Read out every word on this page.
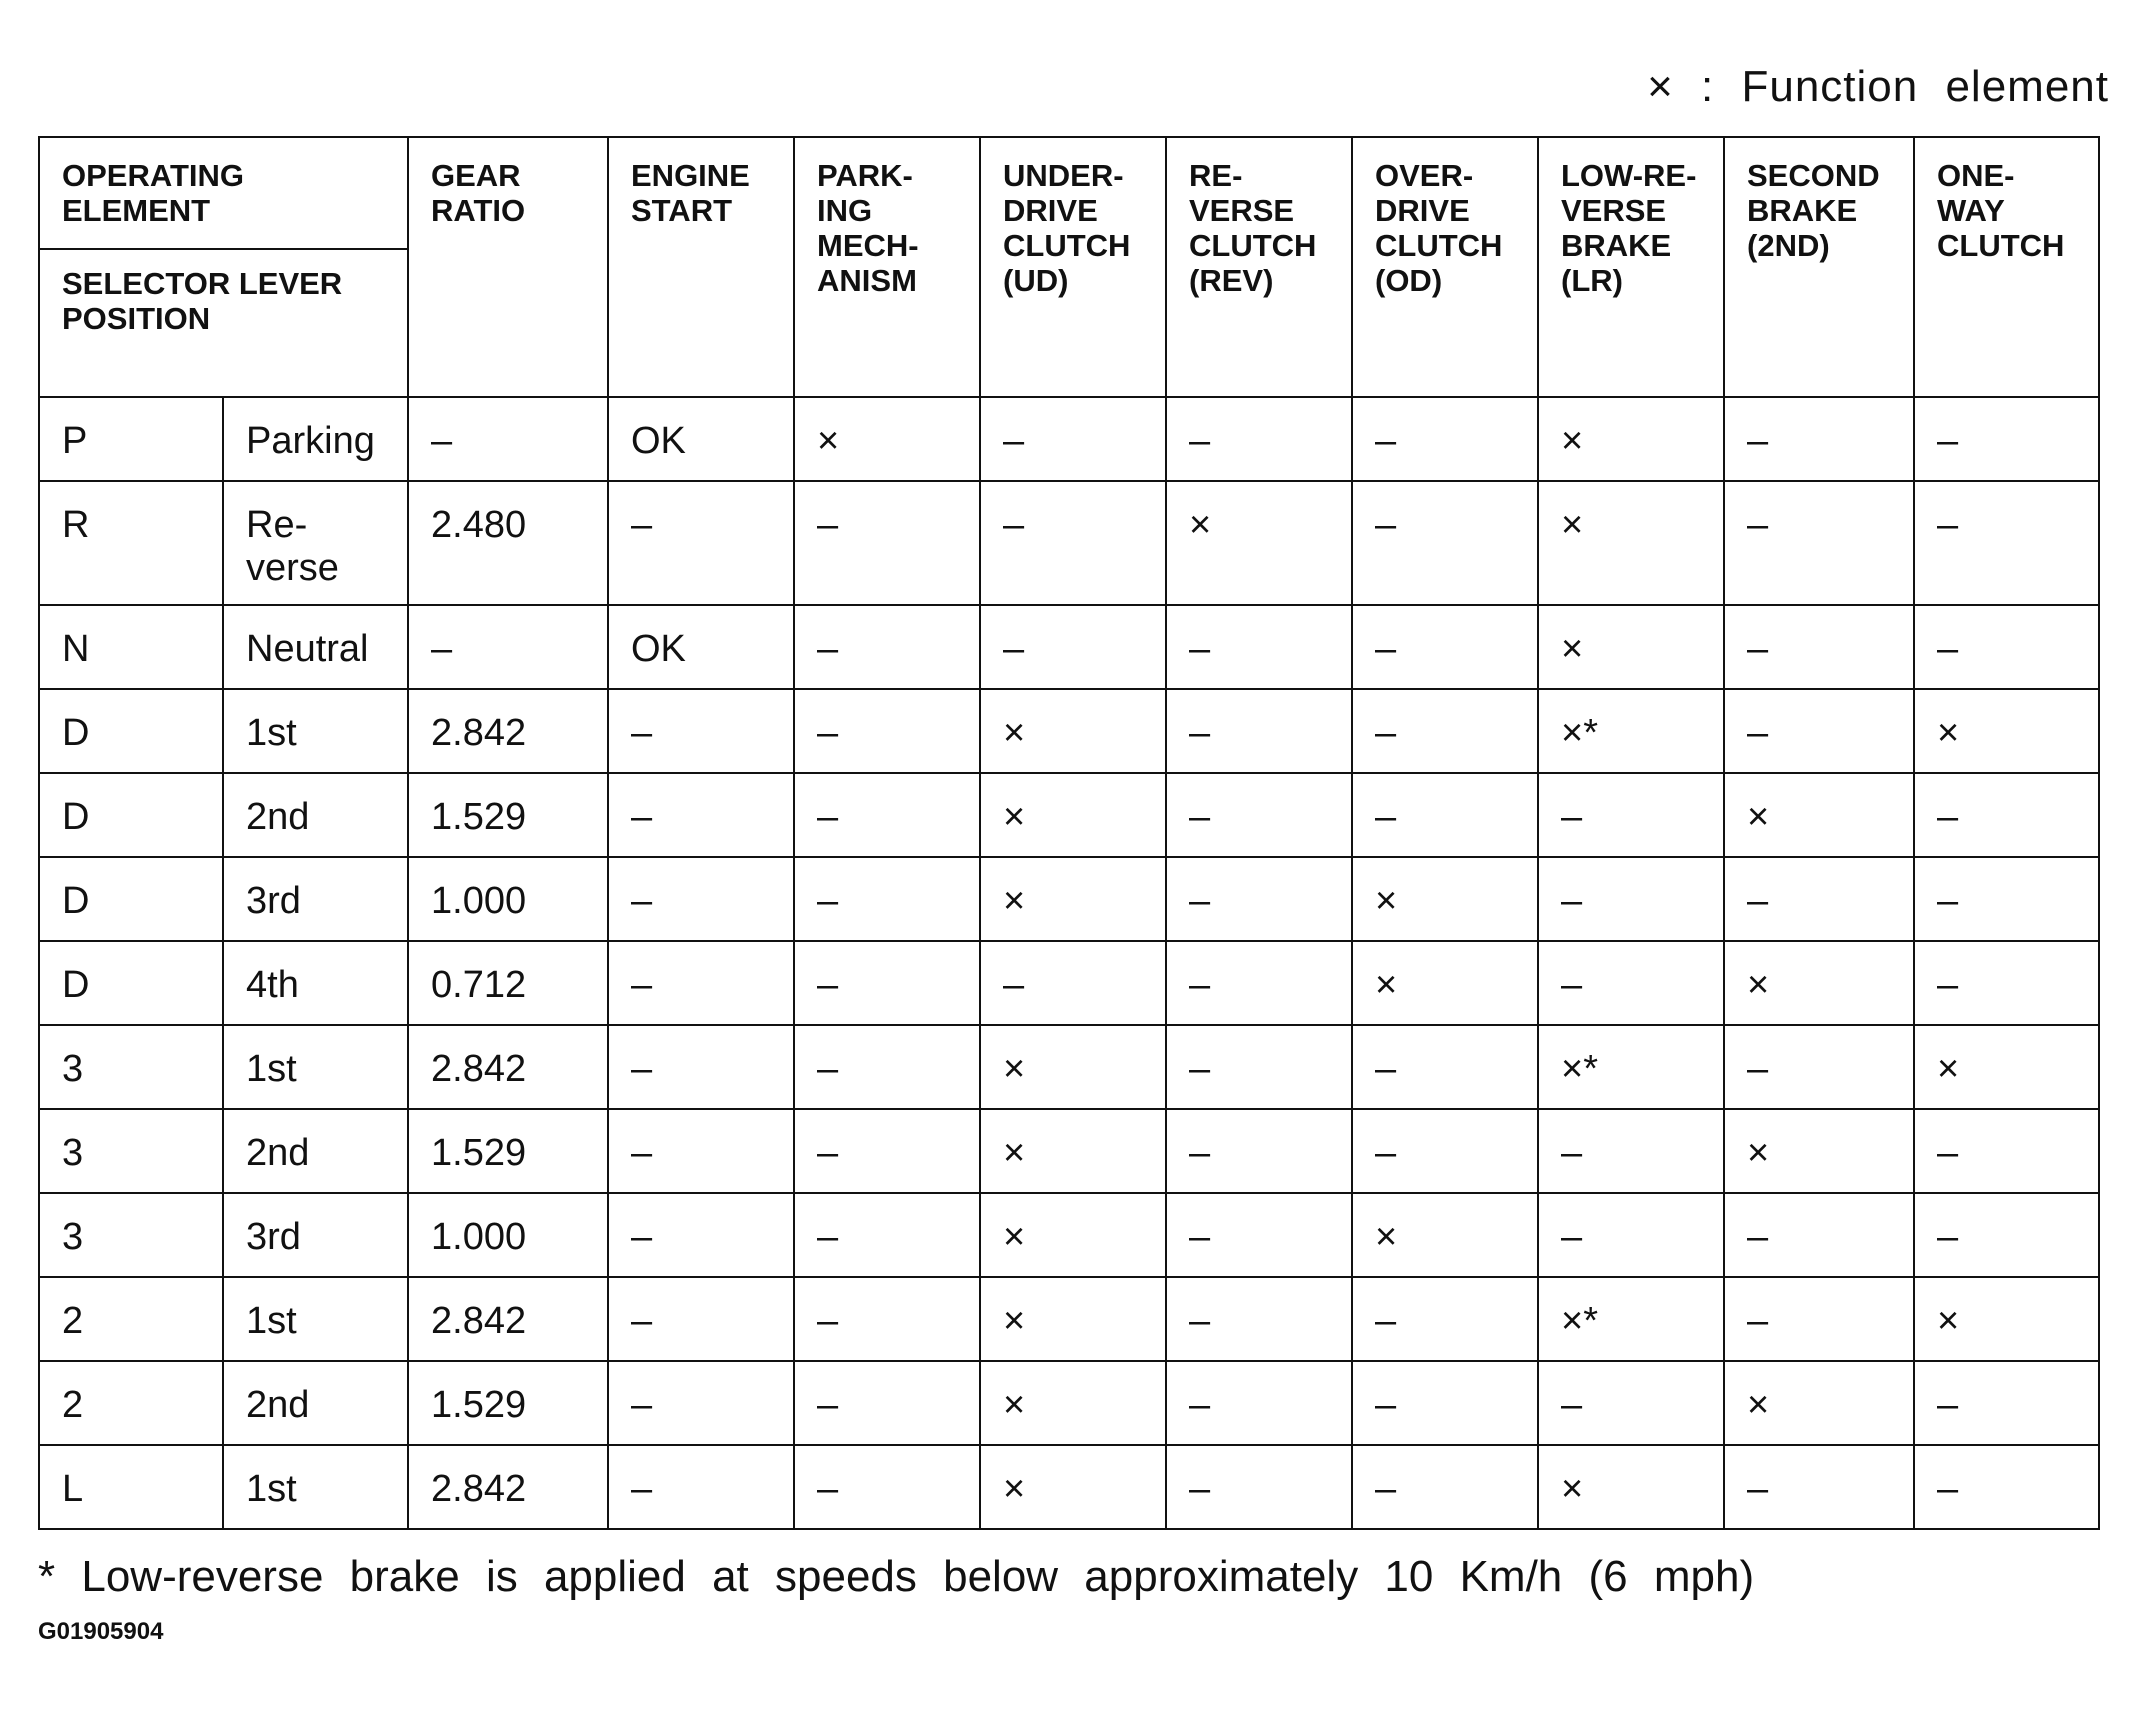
× : Function element
OPERATING ELEMENT		GEAR RATIO	ENGINE START	PARK- ING MECH- ANISM	UNDER- DRIVE CLUTCH (UD)	RE- VERSE CLUTCH (REV)	OVER- DRIVE CLUTCH (OD)	LOW-RE- VERSE BRAKE (LR)	SECOND BRAKE (2ND)	ONE- WAY CLUTCH
SELECTOR LEVER POSITION										
P	Parking	–	OK	×	–	–	–	×	–	–
R	Re- verse	2.480	–	–	–	×	–	×	–	–
N	Neutral	–	OK	–	–	–	–	×	–	–
D	1st	2.842	–	–	×	–	–	×*	–	×
D	2nd	1.529	–	–	×	–	–	–	×	–
D	3rd	1.000	–	–	×	–	×	–	–	–
D	4th	0.712	–	–	–	–	×	–	×	–
3	1st	2.842	–	–	×	–	–	×*	–	×
3	2nd	1.529	–	–	×	–	–	–	×	–
3	3rd	1.000	–	–	×	–	×	–	–	–
2	1st	2.842	–	–	×	–	–	×*	–	×
2	2nd	1.529	–	–	×	–	–	–	×	–
L	1st	2.842	–	–	×	–	–	×	–	–
* Low-reverse brake is applied at speeds below approximately 10 Km/h (6 mph)
G01905904
